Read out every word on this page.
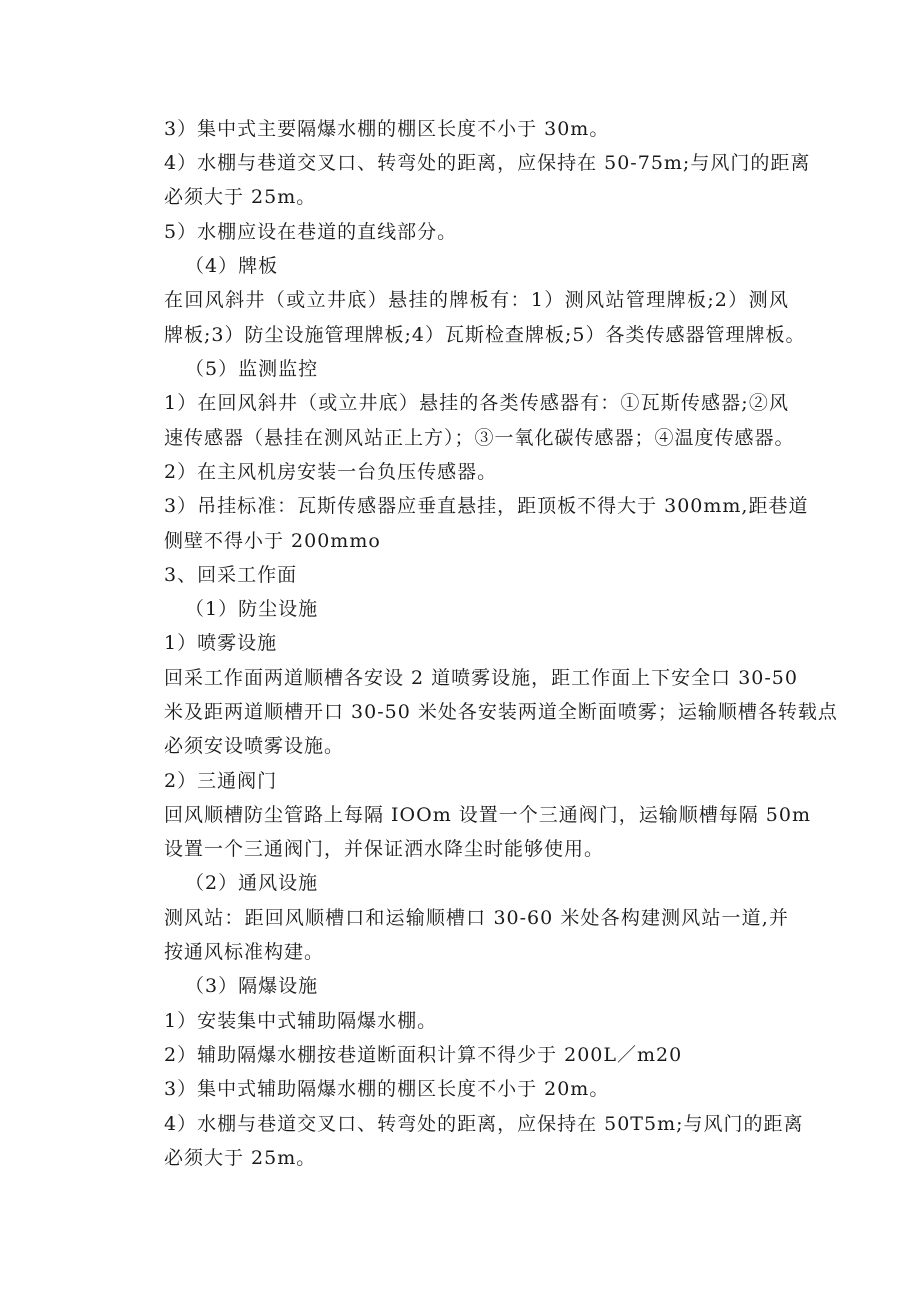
3）集中式主要隔爆水棚的棚区长度不小于 30m。
4）水棚与巷道交叉口、转弯处的距离，应保持在 50-75m;与风门的距离
必须大于 25m。
5）水棚应设在巷道的直线部分。
（4）牌板
在回风斜井（或立井底）悬挂的牌板有：1）测风站管理牌板;2）测风
牌板;3）防尘设施管理牌板;4）瓦斯检查牌板;5）各类传感器管理牌板。
（5）监测监控
1）在回风斜井（或立井底）悬挂的各类传感器有：①瓦斯传感器;②风
速传感器（悬挂在测风站正上方）；③一氧化碳传感器；④温度传感器。
2）在主风机房安装一台负压传感器。
3）吊挂标准：瓦斯传感器应垂直悬挂，距顶板不得大于 300mm,距巷道
侧壁不得小于 200mmo
3、回采工作面
（1）防尘设施
1）喷雾设施
回采工作面两道顺槽各安设 2 道喷雾设施，距工作面上下安全口 30-50
米及距两道顺槽开口 30-50 米处各安装两道全断面喷雾；运输顺槽各转载点
必须安设喷雾设施。
2）三通阀门
回风顺槽防尘管路上每隔 IOOm 设置一个三通阀门，运输顺槽每隔 50m
设置一个三通阀门，并保证洒水降尘时能够使用。
（2）通风设施
测风站：距回风顺槽口和运输顺槽口 30-60 米处各构建测风站一道,并
按通风标准构建。
（3）隔爆设施
1）安装集中式辅助隔爆水棚。
2）辅助隔爆水棚按巷道断面积计算不得少于 200L／m20
3）集中式辅助隔爆水棚的棚区长度不小于 20m。
4）水棚与巷道交叉口、转弯处的距离，应保持在 50T5m;与风门的距离
必须大于 25m。
